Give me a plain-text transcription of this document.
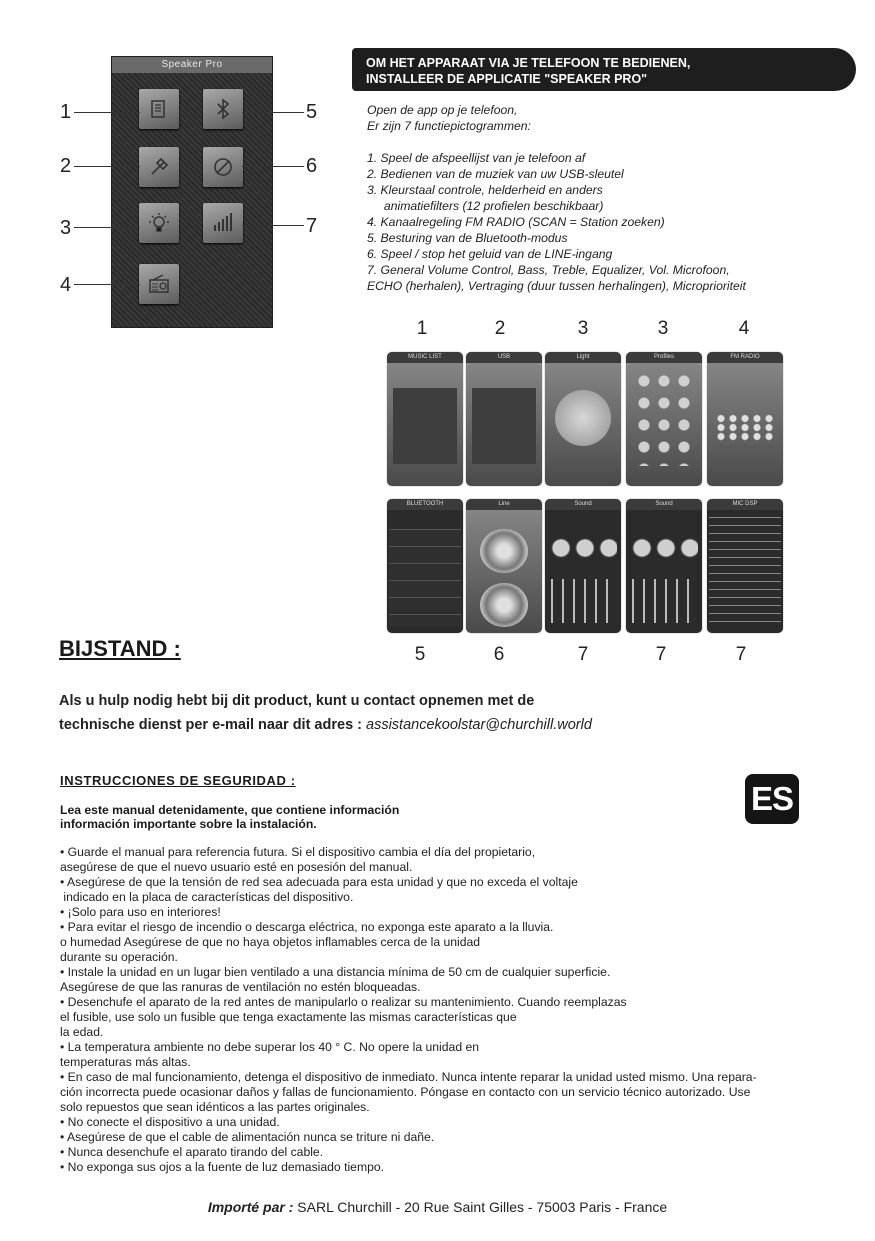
Speaker Pro
1
2
3
4
5
6
7
OM HET APPARAAT VIA JE TELEFOON TE BEDIENEN,
INSTALLEER DE APPLICATIE "SPEAKER PRO"
Open de app op je telefoon,
Er zijn 7 functiepictogrammen:
1. Speel de afspeellijst van je telefoon af
2. Bedienen van de muziek van uw USB-sleutel
3. Kleurstaal controle, helderheid en anders
animatiefilters (12 profielen beschikbaar)
4. Kanaalregeling FM RADIO (SCAN = Station zoeken)
5. Besturing van de Bluetooth-modus
6. Speel / stop het geluid van de LINE-ingang
7. General Volume Control, Bass, Treble, Equalizer, Vol. Microfoon,
ECHO (herhalen), Vertraging (duur tussen herhalingen), Microprioriteit
1	2	3	3	4
MUSIC LIST	USB	Light	Profiles	FM RADIO
BLUETOOTH	Line	Sound	Sound	MIC DSP
5	6	7	7	7
BIJSTAND :
Als u hulp nodig hebt bij dit product, kunt u contact opnemen met de
technische dienst per e-mail naar dit adres : assistancekoolstar@churchill.world
INSTRUCCIONES DE SEGURIDAD :	ES
Lea este manual detenidamente, que contiene información
información importante sobre la instalación.
• Guarde el manual para referencia futura. Si el dispositivo cambia el día del propietario,
asegúrese de que el nuevo usuario esté en posesión del manual.
• Asegúrese de que la tensión de red sea adecuada para esta unidad y que no exceda el voltaje
indicado en la placa de características del dispositivo.
• ¡Solo para uso en interiores!
• Para evitar el riesgo de incendio o descarga eléctrica, no exponga este aparato a la lluvia.
o humedad Asegúrese de que no haya objetos inflamables cerca de la unidad
durante su operación.
• Instale la unidad en un lugar bien ventilado a una distancia mínima de 50 cm de cualquier superficie.
Asegúrese de que las ranuras de ventilación no estén bloqueadas.
• Desenchufe el aparato de la red antes de manipularlo o realizar su mantenimiento. Cuando reemplazas
el fusible, use solo un fusible que tenga exactamente las mismas características que
la edad.
• La temperatura ambiente no debe superar los 40 ° C. No opere la unidad en
temperaturas más altas.
• En caso de mal funcionamiento, detenga el dispositivo de inmediato. Nunca intente reparar la unidad usted mismo. Una repara-
ción incorrecta puede ocasionar daños y fallas de funcionamiento. Póngase en contacto con un servicio técnico autorizado. Use
solo repuestos que sean idénticos a las partes originales.
• No conecte el dispositivo a una unidad.
• Asegúrese de que el cable de alimentación nunca se triture ni dañe.
• Nunca desenchufe el aparato tirando del cable.
• No exponga sus ojos a la fuente de luz demasiado tiempo.
Importé par : SARL Churchill - 20 Rue Saint Gilles - 75003 Paris - France
